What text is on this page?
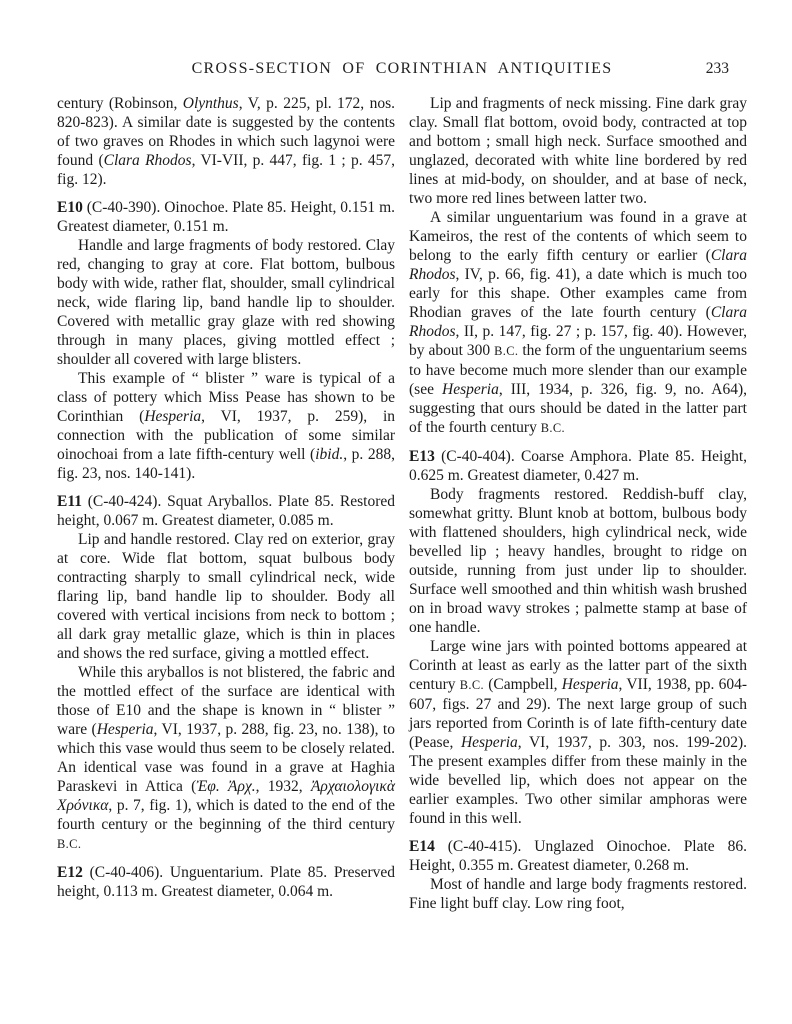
CROSS-SECTION OF CORINTHIAN ANTIQUITIES	233

century (Robinson, Olynthus, V, p. 225, pl. 172, nos. 820-823). A similar date is suggested by the contents of two graves on Rhodes in which such lagynoi were found (Clara Rhodos, VI-VII, p. 447, fig. 1 ; p. 457, fig. 12).

E10 (C-40-390). Oinochoe. Plate 85. Height, 0.151 m. Greatest diameter, 0.151 m.

Handle and large fragments of body restored. Clay red, changing to gray at core. Flat bottom, bulbous body with wide, rather flat, shoulder, small cylindrical neck, wide flaring lip, band handle lip to shoulder. Covered with metallic gray glaze with red showing through in many places, giving mottled effect ; shoulder all covered with large blisters.

This example of “ blister ” ware is typical of a class of pottery which Miss Pease has shown to be Corinthian (Hesperia, VI, 1937, p. 259), in connection with the publication of some similar oinochoai from a late fifth-century well (ibid., p. 288, fig. 23, nos. 140-141).

E11 (C-40-424). Squat Aryballos. Plate 85. Restored height, 0.067 m. Greatest diameter, 0.085 m.

Lip and handle restored. Clay red on exterior, gray at core. Wide flat bottom, squat bulbous body contracting sharply to small cylindrical neck, wide flaring lip, band handle lip to shoulder. Body all covered with vertical incisions from neck to bottom ; all dark gray metallic glaze, which is thin in places and shows the red surface, giving a mottled effect.

While this aryballos is not blistered, the fabric and the mottled effect of the surface are identical with those of E10 and the shape is known in “ blister ” ware (Hesperia, VI, 1937, p. 288, fig. 23, no. 138), to which this vase would thus seem to be closely related. An identical vase was found in a grave at Haghia Paraskevi in Attica (Ἐφ. Ἀρχ., 1932, Ἀρχαιολογικὰ Χρόνικα, p. 7, fig. 1), which is dated to the end of the fourth century or the beginning of the third century B.C.

E12 (C-40-406). Unguentarium. Plate 85. Preserved height, 0.113 m. Greatest diameter, 0.064 m.

Lip and fragments of neck missing. Fine dark gray clay. Small flat bottom, ovoid body, contracted at top and bottom ; small high neck. Surface smoothed and unglazed, decorated with white line bordered by red lines at mid-body, on shoulder, and at base of neck, two more red lines between latter two.

A similar unguentarium was found in a grave at Kameiros, the rest of the contents of which seem to belong to the early fifth century or earlier (Clara Rhodos, IV, p. 66, fig. 41), a date which is much too early for this shape. Other examples came from Rhodian graves of the late fourth century (Clara Rhodos, II, p. 147, fig. 27 ; p. 157, fig. 40). However, by about 300 B.C. the form of the unguentarium seems to have become much more slender than our example (see Hesperia, III, 1934, p. 326, fig. 9, no. A64), suggesting that ours should be dated in the latter part of the fourth century B.C.

E13 (C-40-404). Coarse Amphora. Plate 85. Height, 0.625 m. Greatest diameter, 0.427 m.

Body fragments restored. Reddish-buff clay, somewhat gritty. Blunt knob at bottom, bulbous body with flattened shoulders, high cylindrical neck, wide bevelled lip ; heavy handles, brought to ridge on outside, running from just under lip to shoulder. Surface well smoothed and thin whitish wash brushed on in broad wavy strokes ; palmette stamp at base of one handle.

Large wine jars with pointed bottoms appeared at Corinth at least as early as the latter part of the sixth century B.C. (Campbell, Hesperia, VII, 1938, pp. 604-607, figs. 27 and 29). The next large group of such jars reported from Corinth is of late fifth-century date (Pease, Hesperia, VI, 1937, p. 303, nos. 199-202). The present examples differ from these mainly in the wide bevelled lip, which does not appear on the earlier examples. Two other similar amphoras were found in this well.

E14 (C-40-415). Unglazed Oinochoe. Plate 86. Height, 0.355 m. Greatest diameter, 0.268 m.

Most of handle and large body fragments restored. Fine light buff clay. Low ring foot,
